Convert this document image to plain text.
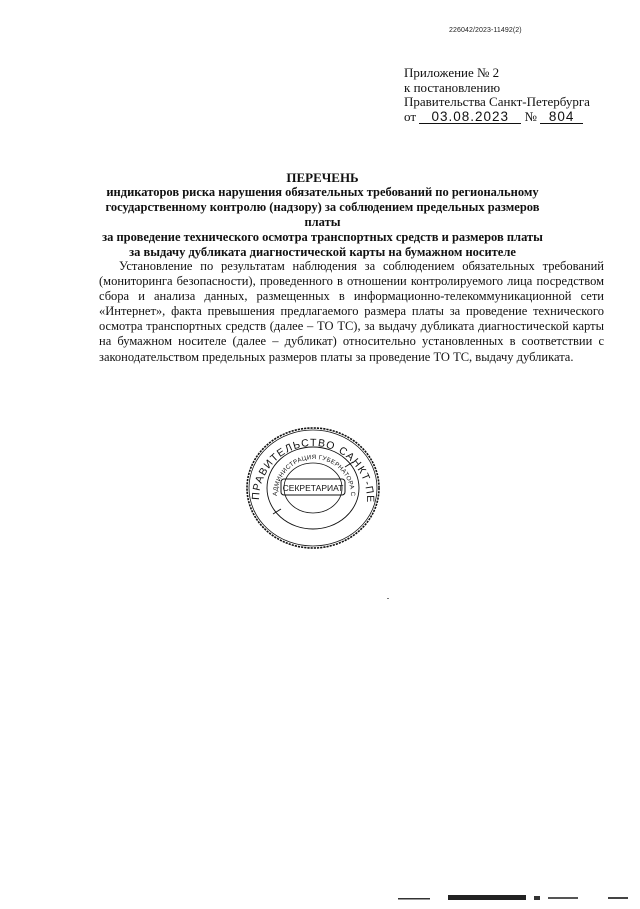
226042/2023-11492(2)
Приложение № 2
к постановлению
Правительства Санкт-Петербурга
от 03.08.2023 № 804
ПЕРЕЧЕНЬ
индикаторов риска нарушения обязательных требований по региональному
государственному контролю (надзору) за соблюдением предельных размеров платы
за проведение технического осмотра транспортных средств и размеров платы
за выдачу дубликата диагностической карты на бумажном носителе
Установление по результатам наблюдения за соблюдением обязательных требований (мониторинга безопасности), проведенного в отношении контролируемого лица посредством сбора и анализа данных, размещенных в информационно-телекоммуникационной сети «Интернет», факта превышения предлагаемого размера платы за проведение технического осмотра транспортных средств (далее – ТО ТС), за выдачу дубликата диагностической карты на бумажном носителе (далее – дубликат) относительно установленных в соответствии с законодательством предельных размеров платы за проведение ТО ТС, выдачу дубликата.
ПРАВИТЕЛЬСТВО САНКТ-ПЕ
АДМИНИСТРАЦИЯ ГУБЕРНАТОРА С
СЕКРЕТАРИАТ
